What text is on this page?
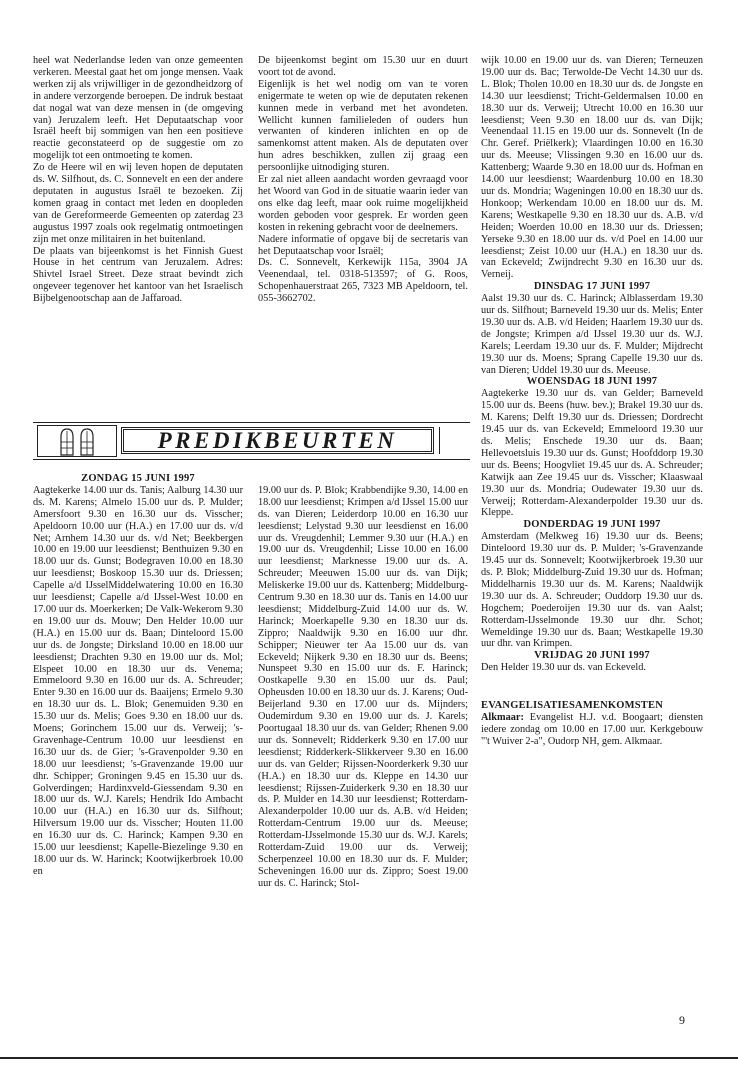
heel wat Nederlandse leden van onze gemeenten verkeren. Meestal gaat het om jonge mensen. Vaak werken zij als vrijwilliger in de gezondheidzorg of in andere verzorgende beroepen. De indruk bestaat dat nogal wat van deze mensen in (de omgeving van) Jeruzalem leeft. Het Deputaatschap voor Israël heeft bij sommigen van hen een positieve reactie geconstateerd op de suggestie om zo mogelijk tot een ontmoeting te komen.

Zo de Heere wil en wij leven hopen de deputaten ds. W. Silfhout, ds. C. Sonnevelt en een der andere deputaten in augustus Israël te bezoeken. Zij komen graag in contact met leden en doopleden van de Gereformeerde Gemeenten op zaterdag 23 augustus 1997 zoals ook regelmatig ontmoetingen zijn met onze militairen in het buitenland.

De plaats van bijeenkomst is het Finnish Guest House in het centrum van Jeruzalem. Adres: Shivtel Israel Street. Deze straat bevindt zich ongeveer tegenover het kantoor van het Israelisch Bijbelgenootschap aan de Jaffaroad.

De bijeenkomst begint om 15.30 uur en duurt voort tot de avond.

Eigenlijk is het wel nodig om van te voren enigermate te weten op wie de deputaten rekenen kunnen mede in verband met het avondeten. Wellicht kunnen familieleden of ouders hun verwanten of kinderen inlichten en op de samenkomst attent maken. Als de deputaten over hun adres beschikken, zullen zij graag een persoonlijke uitnodiging sturen.

Er zal niet alleen aandacht worden gevraagd voor het Woord van God in de situatie waarin ieder van ons elke dag leeft, maar ook ruime mogelijkheid worden geboden voor gesprek. Er worden geen kosten in rekening gebracht voor de deelnemers.

Nadere informatie of opgave bij de secretaris van het Deputaatschap voor Israël;

Ds. C. Sonnevelt, Kerkewijk 115a, 3904 JA Veenendaal, tel. 0318-513597; of G. Roos, Schopenhauerstraat 265, 7323 MB Apeldoorn, tel. 055-3662702.

wijk 10.00 en 19.00 uur ds. van Dieren; Terneuzen 19.00 uur ds. Bac; Terwolde-De Vecht 14.30 uur ds. L. Blok; Tholen 10.00 en 18.30 uur ds. de Jongste en 14.30 uur leesdienst; Tricht-Geldermalsen 10.00 en 18.30 uur ds. Verweij; Utrecht 10.00 en 16.30 uur leesdienst; Veen 9.30 en 18.00 uur ds. van Dijk; Veenendaal 11.15 en 19.00 uur ds. Sonnevelt (In de Chr. Geref. Priëlkerk); Vlaardingen 10.00 en 16.30 uur ds. Meeuse; Vlissingen 9.30 en 16.00 uur ds. Kattenberg; Waarde 9.30 en 18.00 uur ds. Hofman en 14.00 uur leesdienst; Waardenburg 10.00 en 18.30 uur ds. Mondria; Wageningen 10.00 en 18.30 uur ds. Honkoop; Werkendam 10.00 en 18.00 uur ds. M. Karens; Westkapelle 9.30 en 18.30 uur ds. A.B. v/d Heiden; Woerden 10.00 en 18.30 uur ds. Driessen; Yerseke 9.30 en 18.00 uur ds. v/d Poel en 14.00 uur leesdienst; Zeist 10.00 uur (H.A.) en 18.30 uur ds. van Eckeveld; Zwijndrecht 9.30 en 16.30 uur ds. Verneij.

DINSDAG 17 JUNI 1997

Aalst 19.30 uur ds. C. Harinck; Alblasserdam 19.30 uur ds. Silfhout; Barneveld 19.30 uur ds. Melis; Enter 19.30 uur ds. A.B. v/d Heiden; Haarlem 19.30 uur ds. de Jongste; Krimpen a/d IJssel 19.30 uur ds. W.J. Karels; Leerdam 19.30 uur ds. F. Mulder; Mijdrecht 19.30 uur ds. Moens; Sprang Capelle 19.30 uur ds. van Dieren; Uddel 19.30 uur ds. Meeuse.

WOENSDAG 18 JUNI 1997

Aagtekerke 19.30 uur ds. van Gelder; Barneveld 15.00 uur ds. Beens (huw. bev.); Brakel 19.30 uur ds. M. Karens; Delft 19.30 uur ds. Driessen; Dordrecht 19.45 uur ds. van Eckeveld; Emmeloord 19.30 uur ds. Melis; Enschede 19.30 uur ds. Baan; Hellevoetsluis 19.30 uur ds. Gunst; Hoofddorp 19.30 uur ds. Beens; Hoogvliet 19.45 uur ds. A. Schreuder; Katwijk aan Zee 19.45 uur ds. Visscher; Klaaswaal 19.30 uur ds. Mondria; Oudewater 19.30 uur ds. Verweij; Rotterdam-Alexanderpolder 19.30 uur ds. Kleppe.

DONDERDAG 19 JUNI 1997

Amsterdam (Melkweg 16) 19.30 uur ds. Beens; Dinteloord 19.30 uur ds. P. Mulder; 's-Gravenzande 19.45 uur ds. Sonnevelt; Kootwijkerbroek 19.30 uur ds. P. Blok; Middelburg-Zuid 19.30 uur ds. Hofman; Middelharnis 19.30 uur ds. M. Karens; Naaldwijk 19.30 uur ds. A. Schreuder; Ouddorp 19.30 uur ds. Hogchem; Poederoijen 19.30 uur ds. van Aalst; Rotterdam-IJsselmonde 19.30 uur dhr. Schot; Wemeldinge 19.30 uur ds. Baan; Westkapelle 19.30 uur dhr. van Krimpen.

VRIJDAG 20 JUNI 1997

Den Helder 19.30 uur ds. van Eckeveld.

EVANGELISATIESAMENKOMSTEN

Alkmaar: Evangelist H.J. v.d. Boogaart; diensten iedere zondag om 10.00 en 17.00 uur. Kerkgebouw "'t Wuiver 2-a", Oudorp NH, gem. Alkmaar.

PREDIKBEURTEN

ZONDAG 15 JUNI 1997

Aagtekerke 14.00 uur ds. Tanis; Aalburg 14.30 uur ds. M. Karens; Almelo 15.00 uur ds. P. Mulder; Amersfoort 9.30 en 16.30 uur ds. Visscher; Apeldoorn 10.00 uur (H.A.) en 17.00 uur ds. v/d Net; Arnhem 14.30 uur ds. v/d Net; Beekbergen 10.00 en 19.00 uur leesdienst; Benthuizen 9.30 en 18.00 uur ds. Gunst; Bodegraven 10.00 en 18.30 uur leesdienst; Boskoop 15.30 uur ds. Driessen; Capelle a/d IJsselMiddelwatering 10.00 en 16.30 uur leesdienst; Capelle a/d IJssel-West 10.00 en 17.00 uur ds. Moerkerken; De Valk-Wekerom 9.30 en 19.00 uur ds. Mouw; Den Helder 10.00 uur (H.A.) en 15.00 uur ds. Baan; Dinteloord 15.00 uur ds. de Jongste; Dirksland 10.00 en 18.00 uur leesdienst; Drachten 9.30 en 19.00 uur ds. Mol; Elspeet 10.00 en 18.30 uur ds. Venema; Emmeloord 9.30 en 16.00 uur ds. A. Schreuder; Enter 9.30 en 16.00 uur ds. Baaijens; Ermelo 9.30 en 18.30 uur ds. L. Blok; Genemuiden 9.30 en 15.30 uur ds. Melis; Goes 9.30 en 18.00 uur ds. Moens; Gorinchem 15.00 uur ds. Verweij; 's-Gravenhage-Centrum 10.00 uur leesdienst en 16.30 uur ds. de Gier; 's-Gravenpolder 9.30 en 18.00 uur leesdienst; 's-Gravenzande 19.00 uur dhr. Schipper; Groningen 9.45 en 15.30 uur ds. Golverdingen; Hardinxveld-Giessendam 9.30 en 18.00 uur ds. W.J. Karels; Hendrik Ido Ambacht 10.00 uur (H.A.) en 16.30 uur ds. Silfhout; Hilversum 19.00 uur ds. Visscher; Houten 11.00 en 16.30 uur ds. C. Harinck; Kampen 9.30 en 15.00 uur leesdienst; Kapelle-Biezelinge 9.30 en 18.00 uur ds. W. Harinck; Kootwijkerbroek 10.00 en

19.00 uur ds. P. Blok; Krabbendijke 9.30, 14.00 en 18.00 uur leesdienst; Krimpen a/d IJssel 15.00 uur ds. van Dieren; Leiderdorp 10.00 en 16.30 uur leesdienst; Lelystad 9.30 uur leesdienst en 16.00 uur ds. Vreugdenhil; Lemmer 9.30 uur (H.A.) en 19.00 uur ds. Vreugdenhil; Lisse 10.00 en 16.00 uur leesdienst; Marknesse 19.00 uur ds. A. Schreuder; Meeuwen 15.00 uur ds. van Dijk; Meliskerke 19.00 uur ds. Kattenberg; Middelburg-Centrum 9.30 en 18.30 uur ds. Tanis en 14.00 uur leesdienst; Middelburg-Zuid 14.00 uur ds. W. Harinck; Moerkapelle 9.30 en 18.30 uur ds. Zippro; Naaldwijk 9.30 en 16.00 uur dhr. Schipper; Nieuwer ter Aa 15.00 uur ds. van Eckeveld; Nijkerk 9.30 en 18.30 uur ds. Beens; Nunspeet 9.30 en 15.00 uur ds. F. Harinck; Oostkapelle 9.30 en 15.00 uur ds. Paul; Opheusden 10.00 en 18.30 uur ds. J. Karens; Oud-Beijerland 9.30 en 17.00 uur ds. Mijnders; Oudemirdum 9.30 en 19.00 uur ds. J. Karels; Poortugaal 18.30 uur ds. van Gelder; Rhenen 9.00 uur ds. Sonnevelt; Ridderkerk 9.30 en 17.00 uur leesdienst; Ridderkerk-Slikkerveer 9.30 en 16.00 uur ds. van Gelder; Rijssen-Noorderkerk 9.30 uur (H.A.) en 18.30 uur ds. Kleppe en 14.30 uur leesdienst; Rijssen-Zuiderkerk 9.30 en 18.30 uur ds. P. Mulder en 14.30 uur leesdienst; Rotterdam-Alexanderpolder 10.00 uur ds. A.B. v/d Heiden; Rotterdam-Centrum 19.00 uur ds. Meeuse; Rotterdam-IJsselmonde 15.30 uur ds. W.J. Karels; Rotterdam-Zuid 19.00 uur ds. Verweij; Scherpenzeel 10.00 en 18.30 uur ds. F. Mulder; Scheveningen 16.00 uur ds. Zippro; Soest 19.00 uur ds. C. Harinck; Stol-

9
